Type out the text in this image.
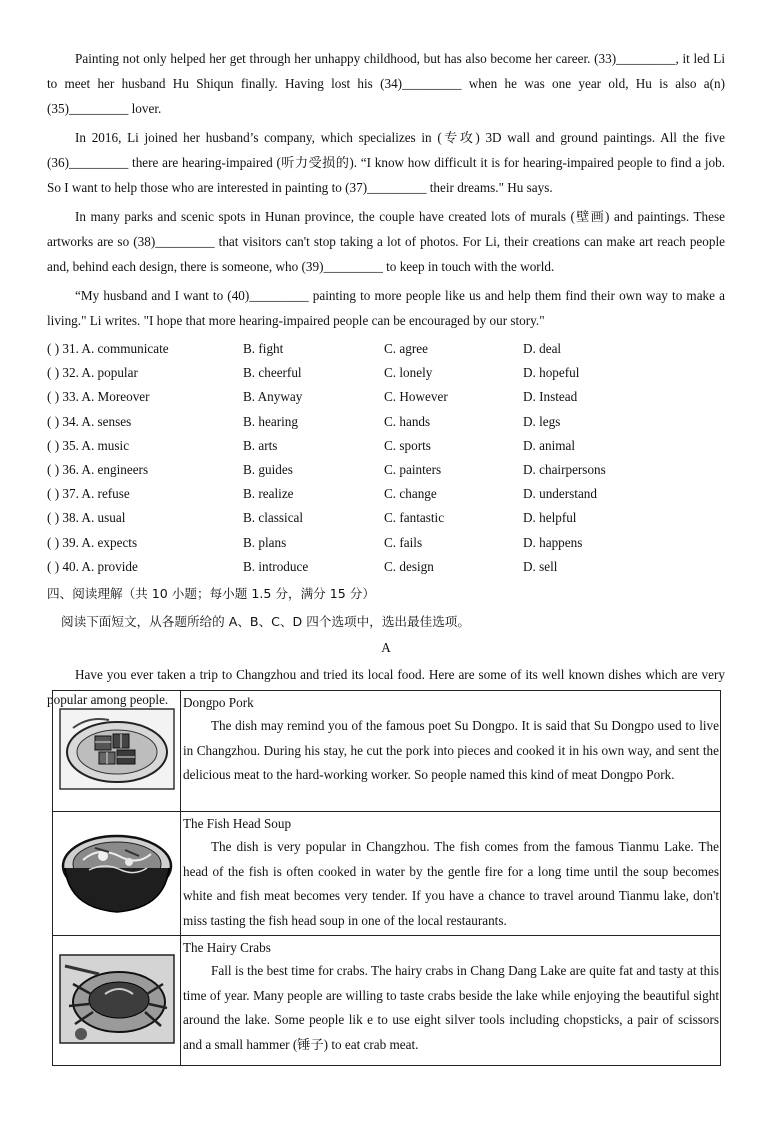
Painting not only helped her get through her unhappy childhood, but has also become her career. (33)_________, it led Li to meet her husband Hu Shiqun finally. Having lost his (34)_________ when he was one year old, Hu is also a(n) (35)_________ lover.

In 2016, Li joined her husband’s company, which specializes in (专攻) 3D wall and ground paintings. All the five (36)_________ there are hearing-impaired (听力受损的). “I know how difficult it is for hearing-impaired people to find a job. So I want to help those who are interested in painting to (37)_________ their dreams." Hu says.

In many parks and scenic spots in Hunan province, the couple have created lots of murals (壁画) and paintings. These artworks are so (38)_________ that visitors can't stop taking a lot of photos. For Li, their creations can make art reach people and, behind each design, there is someone, who (39)_________ to keep in touch with the world.

“My husband and I want to (40)_________ painting to more people like us and help them find their own way to make a living." Li writes. "I hope that more hearing-impaired people can be encouraged by our story."

( ) 31. A. communicate	B. fight	C. agree	D. deal
( ) 32. A. popular	B. cheerful	C. lonely	D. hopeful
( ) 33. A. Moreover	B. Anyway	C. However	D. Instead
( ) 34. A. senses	B. hearing	C. hands	D. legs
( ) 35. A. music	B. arts	C. sports	D. animal
( ) 36. A. engineers	B. guides	C. painters	D. chairpersons
( ) 37. A. refuse	B. realize	C. change	D. understand
( ) 38. A. usual	B. classical	C. fantastic	D. helpful
( ) 39. A. expects	B. plans	C. fails	D. happens
( ) 40. A. provide	B. introduce	C. design	D. sell
四、阅读理解（共 10 小题；每小题 1.5 分，满分 15 分）
阅读下面短文，从各题所给的 A、B、C、D 四个选项中，选出最佳选项。
A

Have you ever taken a trip to Changzhou and tried its local food. Here are some of its well known dishes which are very popular among people.

		Dongpo Pork

The dish may remind you of the famous poet Su Dongpo. It is said that Su Dongpo used to live in Changzhou. During his stay, he cut the pork into pieces and cooked it in his own way, and sent the delicious meat to the hard-working worker. So people named this kind of meat Dongpo Pork.

The Fish Head Soup

The dish is very popular in Changzhou. The fish comes from the famous Tianmu Lake. The head of the fish is often cooked in water by the gentle fire for a long time until the soup becomes white and fish meat becomes very tender. If you have a chance to travel around Tianmu lake, don't miss tasting the fish head soup in one of the local restaurants.

The Hairy Crabs

Fall is the best time for crabs. The hairy crabs in Chang Dang Lake are quite fat and tasty at this time of year. Many people are willing to taste crabs beside the lake while enjoying the beautiful sight around the lake. Some people lik e to use eight silver tools including chopsticks, a pair of scissors and a small hammer (锤子) to eat crab meat.
